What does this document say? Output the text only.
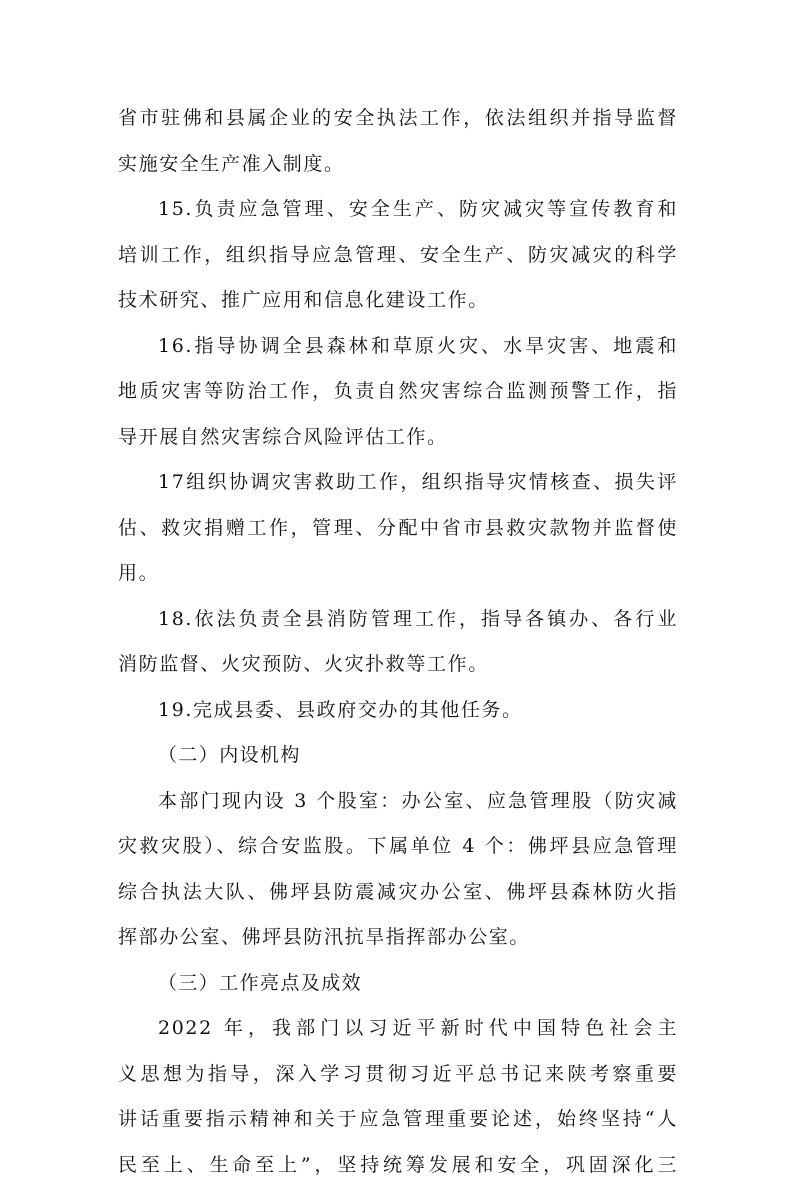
省市驻佛和县属企业的安全执法工作，依法组织并指导监督
实施安全生产准入制度。
15.负责应急管理、安全生产、防灾减灾等宣传教育和
培训工作，组织指导应急管理、安全生产、防灾减灾的科学
技术研究、推广应用和信息化建设工作。
16.指导协调全县森林和草原火灾、水旱灾害、地震和
地质灾害等防治工作，负责自然灾害综合监测预警工作，指
导开展自然灾害综合风险评估工作。
17组织协调灾害救助工作，组织指导灾情核查、损失评
估、救灾捐赠工作，管理、分配中省市县救灾款物并监督使
用。
18.依法负责全县消防管理工作，指导各镇办、各行业
消防监督、火灾预防、火灾扑救等工作。
19.完成县委、县政府交办的其他任务。
（二）内设机构
本部门现内设 3 个股室：办公室、应急管理股（防灾减
灾救灾股）、综合安监股。下属单位 4 个：佛坪县应急管理
综合执法大队、佛坪县防震减灾办公室、佛坪县森林防火指
挥部办公室、佛坪县防汛抗旱指挥部办公室。
（三）工作亮点及成效
2022 年，我部门以习近平新时代中国特色社会主
义思想为指导，深入学习贯彻习近平总书记来陕考察重要
讲话重要指示精神和关于应急管理重要论述，始终坚持“人
民至上、生命至上”，坚持统筹发展和安全，巩固深化三
